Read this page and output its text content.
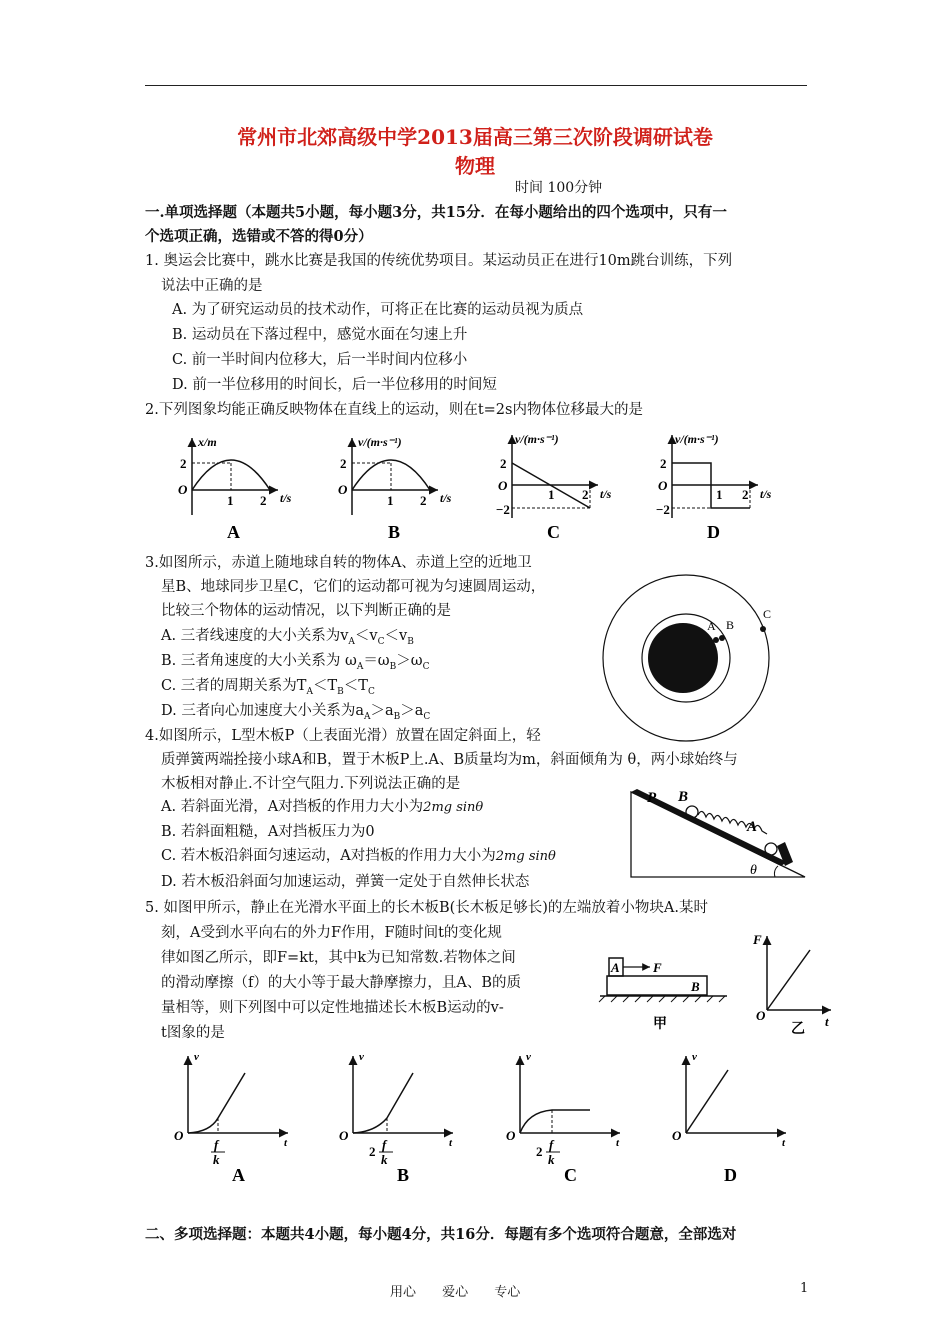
常州市北郊高级中学2013届高三第三次阶段调研试卷
物理
时间 100分钟
一.单项选择题（本题共5小题，每小题3分，共15分．在每小题给出的四个选项中，只有一
个选项正确，选错或不答的得0分）
1. 奥运会比赛中，跳水比赛是我国的传统优势项目。某运动员正在进行10m跳台训练，下列
说法中正确的是
A. 为了研究运动员的技术动作，可将正在比赛的运动员视为质点
B. 运动员在下落过程中，感觉水面在匀速上升
C. 前一半时间内位移大，后一半时间内位移小
D. 前一半位移用的时间长，后一半位移用的时间短
2.下列图象均能正确反映物体在直线上的运动，则在t=2s内物体位移最大的是
x/m
t/s
2
O
1 2
A
v/(m·s⁻¹)
t/s
2
O
1 2
B
v/(m·s⁻¹)
t/s
2
−2
O
1 2
C
v/(m·s⁻¹)
t/s
2
−2
O
1 2
D
3.如图所示，赤道上随地球自转的物体A、赤道上空的近地卫
星B、地球同步卫星C，它们的运动都可视为匀速圆周运动，
比较三个物体的运动情况，以下判断正确的是
A. 三者线速度的大小关系为$v_A<v_C<v_B$
B. 三者角速度的大小关系为 $\omega_A=\omega_B>\omega_C$
C. 三者的周期关系为$T_A<T_B<T_C$
D. 三者向心加速度大小关系为$a_A>a_B>a_C$
A B
C
4.如图所示，L型木板P（上表面光滑）放置在固定斜面上，轻
质弹簧两端拴接小球A和B，置于木板P上.A、B质量均为m，斜面倾角为 θ，两小球始终与
木板相对静止.不计空气阻力.下列说法正确的是
A. 若斜面光滑，A对挡板的作用力大小为2mg sinθ
B. 若斜面粗糙，A对挡板压力为0
C. 若木板沿斜面匀速运动，A对挡板的作用力大小为2mg sinθ
D. 若木板沿斜面匀加速运动，弹簧一定处于自然伸长状态
P B
A
θ
5. 如图甲所示，静止在光滑水平面上的长木板B(长木板足够长)的左端放着小物块A.某时
刻，A受到水平向右的外力F作用，F随时间t的变化规
律如图乙所示，即F=kt，其中k为已知常数.若物体之间
的滑动摩擦（f）的大小等于最大静摩擦力，且A、B的质
量相等，则下列图中可以定性地描述长木板B运动的v-
t图象的是
A	F
B
甲
F
O	t
乙
v
O	t
f
k
A
v
O	t
2 f
k
B
v
O	t
2 f
k
C
v
O	t
D
二、多项选择题：本题共4小题，每小题4分，共16分．每题有多个选项符合题意，全部选对
用心 爱心 专心	1
